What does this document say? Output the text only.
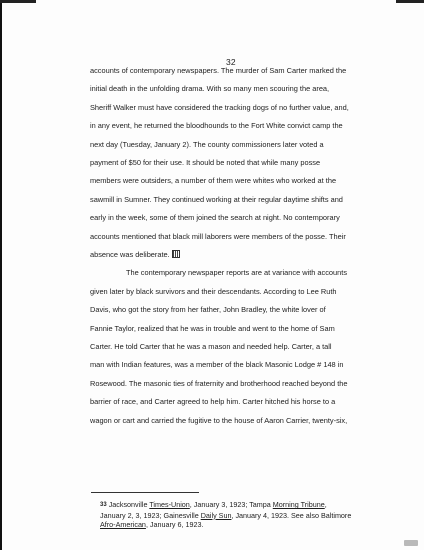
32
accounts of contemporary newspapers. The murder of Sam Carter marked the
initial death in the unfolding drama. With so many men scouring the area,
Sheriff Walker must have considered the tracking dogs of no further value, and,
in any event, he returned the bloodhounds to the Fort White convict camp the
next day (Tuesday, January 2). The county commissioners later voted a
payment of $50 for their use. It should be noted that while many posse
members were outsiders, a number of them were whites who worked at the
sawmill in Sumner. They continued working at their regular daytime shifts and
early in the week, some of them joined the search at night. No contemporary
accounts mentioned that black mill laborers were members of the posse. Their
absence was deliberate.
The contemporary newspaper reports are at variance with accounts
given later by black survivors and their descendants. According to Lee Ruth
Davis, who got the story from her father, John Bradley, the white lover of
Fannie Taylor, realized that he was in trouble and went to the home of Sam
Carter. He told Carter that he was a mason and needed help. Carter, a tall
man with Indian features, was a member of the black Masonic Lodge # 148 in
Rosewood. The masonic ties of fraternity and brotherhood reached beyond the
barrier of race, and Carter agreed to help him. Carter hitched his horse to a
wagon or cart and carried the fugitive to the house of Aaron Carrier, twenty-six,
33 Jacksonville Times-Union, January 3, 1923; Tampa Morning Tribune,
January 2, 3, 1923; Gainesville Daily Sun, January 4, 1923. See also Baltimore
Afro-American, January 6, 1923.
